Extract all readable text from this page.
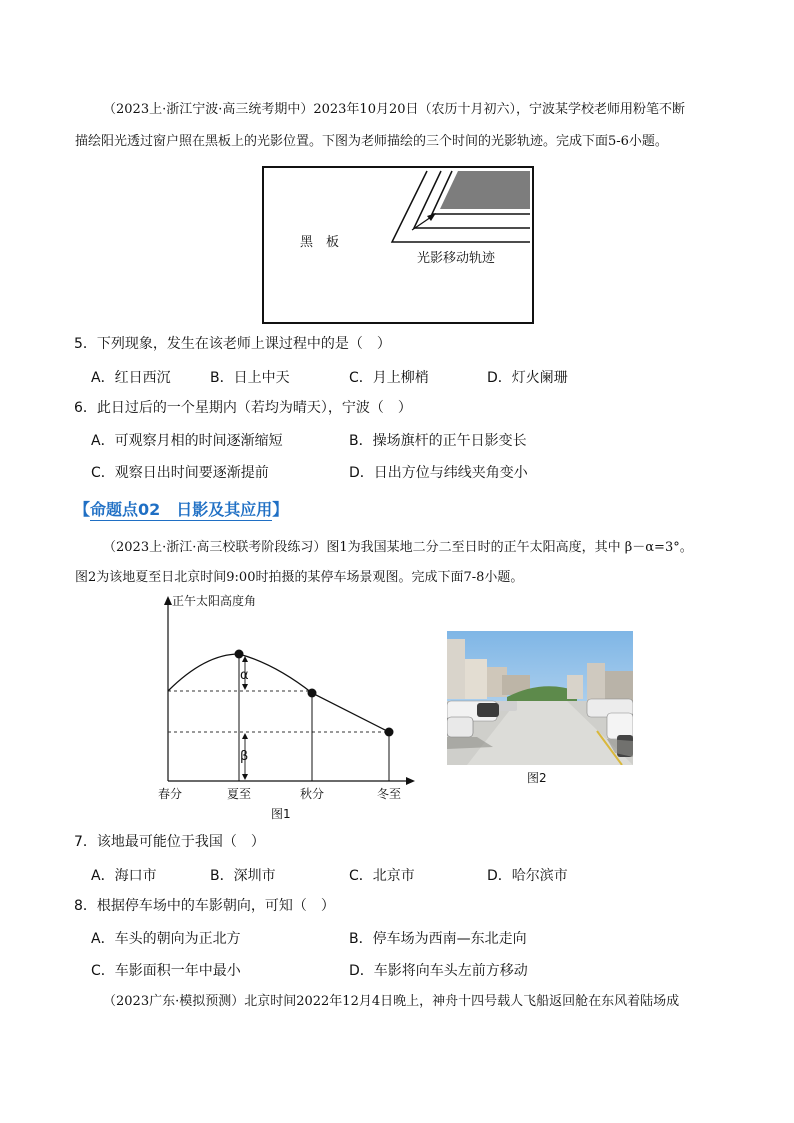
（2023上·浙江宁波·高三统考期中）2023年10月20日（农历十月初六），宁波某学校老师用粉笔不断
描绘阳光透过窗户照在黑板上的光影位置。下图为老师描绘的三个时间的光影轨迹。完成下面5-6小题。
黑　板
光影移动轨迹
5．下列现象，发生在该老师上课过程中的是（　）
A．红日西沉	B．日上中天	C．月上柳梢	D．灯火阑珊
6．此日过后的一个星期内（若均为晴天），宁波（　）
A．可观察月相的时间逐渐缩短	B．操场旗杆的正午日影变长
C．观察日出时间要逐渐提前	D．日出方位与纬线夹角变小
【命题点02　日影及其应用】
（2023上·浙江·高三校联考阶段练习）图1为我国某地二分二至日时的正午太阳高度，其中 β－α=3°。
图2为该地夏至日北京时间9:00时拍摄的某停车场景观图。完成下面7-8小题。
正午太阳高度角
α
β
春分	夏至	秋分	冬至
图1
图2
7．该地最可能位于我国（　）
A．海口市	B．深圳市	C．北京市	D．哈尔滨市
8．根据停车场中的车影朝向，可知（　）
A．车头的朝向为正北方	B．停车场为西南—东北走向
C．车影面积一年中最小	D．车影将向车头左前方移动
（2023广东·模拟预测）北京时间2022年12月4日晚上，神舟十四号载人飞船返回舱在东风着陆场成
